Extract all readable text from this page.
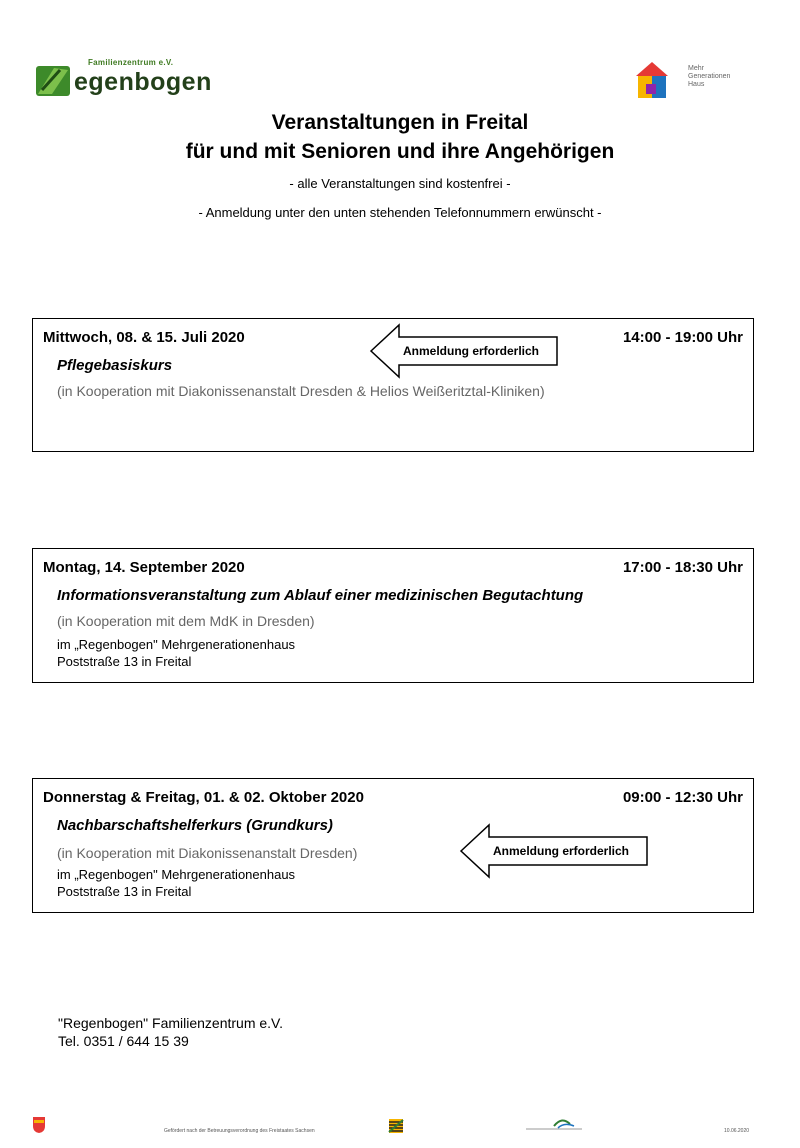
Familienzentrum e.V.
egenbogen	Mehr
Generationen
Haus
Veranstaltungen in Freital
für und mit Senioren und ihre Angehörigen
- alle Veranstaltungen sind kostenfrei -
- Anmeldung unter den unten stehenden Telefonnummern erwünscht -
Mittwoch, 08. & 15. Juli 2020	14:00 - 19:00 Uhr
Pflegebasiskurs
(in Kooperation mit Diakonissenanstalt Dresden & Helios Weißeritztal-Kliniken)
Anmeldung erforderlich
Montag, 14. September 2020	17:00 - 18:30 Uhr
Informationsveranstaltung zum Ablauf einer medizinischen Begutachtung
(in Kooperation mit dem MdK in Dresden)
im „Regenbogen" Mehrgenerationenhaus
Poststraße 13 in Freital
Donnerstag & Freitag, 01. & 02. Oktober 2020	09:00 - 12:30 Uhr
Nachbarschaftshelferkurs (Grundkurs)
(in Kooperation mit Diakonissenanstalt Dresden)
im „Regenbogen" Mehrgenerationenhaus
Poststraße 13 in Freital
Anmeldung erforderlich
"Regenbogen" Familienzentrum e.V.
Tel. 0351 / 644 15 39
Gefördert nach der Betreuungsverordnung des Freistaates Sachsen	10.06.2020
